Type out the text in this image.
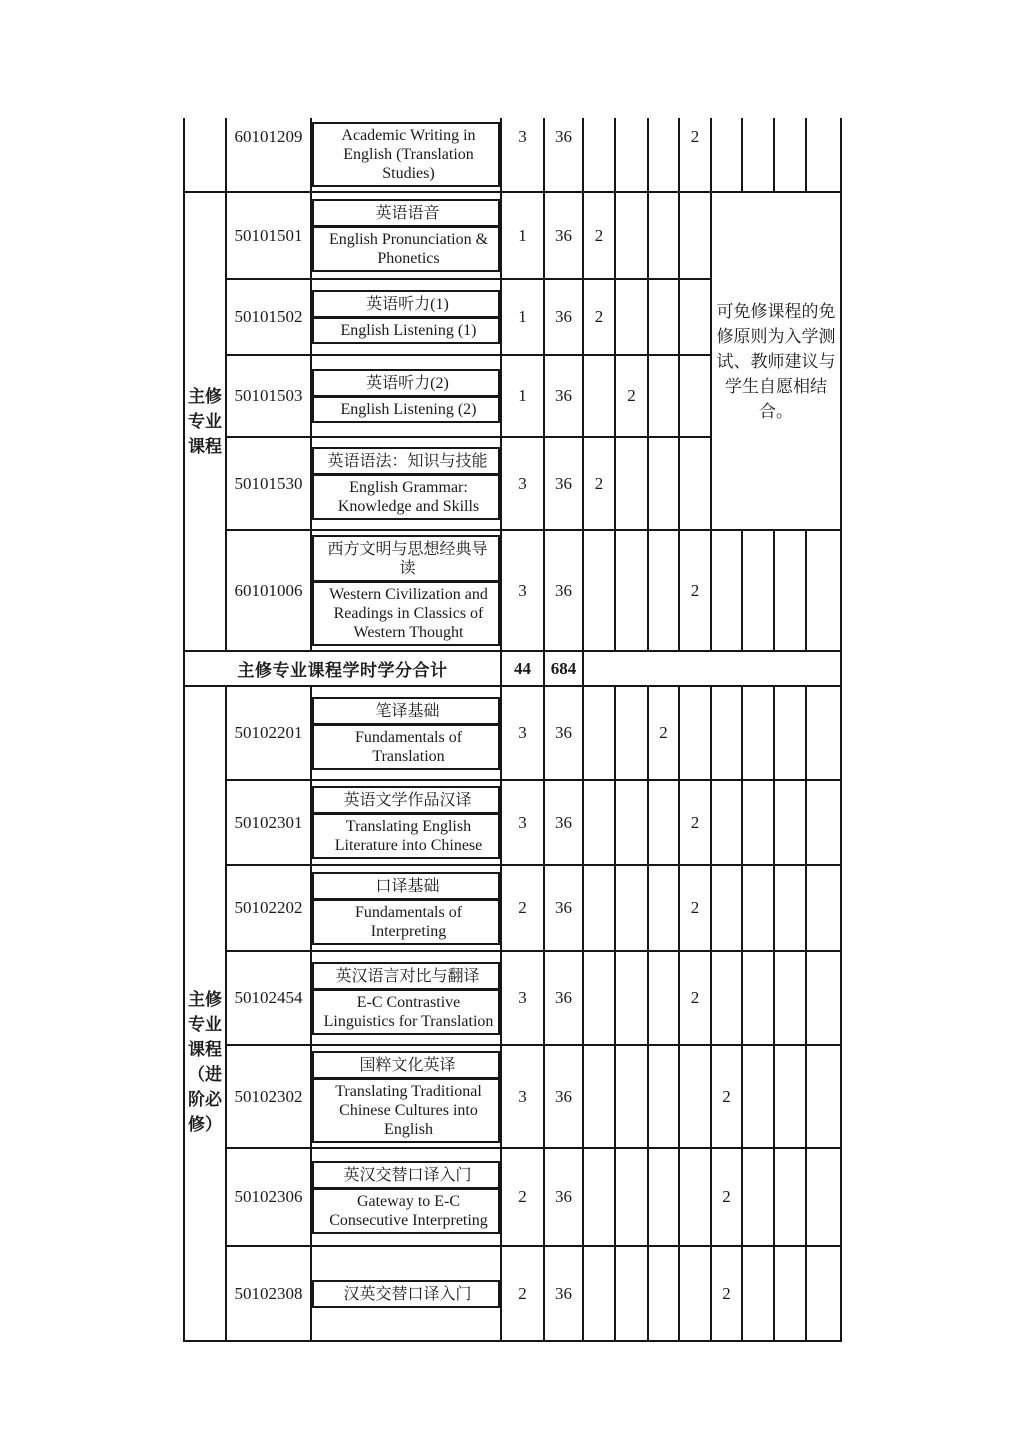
	60101209	Academic Writing in English (Translation Studies)	3	36				2				
主修专业课程	50101501	英语语音
English Pronunciation & Phonetics	1	36	2				可免修课程的免修原则为入学测试、教师建议与学生自愿相结合。			
	50101502	英语听力(1)
English Listening (1)	1	36	2							
	50101503	英语听力(2)
English Listening (2)	1	36		2						
	50101530	英语语法：知识与技能
English Grammar: Knowledge and Skills	3	36	2							
	60101006	西方文明与思想经典导读
Western Civilization and Readings in Classics of Western Thought	3	36				2				
主修专业课程学时学分合计			44	684								
主修专业课程（进阶必修）	50102201	笔译基础
Fundamentals of Translation	3	36			2					
	50102301	英语文学作品汉译
Translating English Literature into Chinese	3	36				2				
	50102202	口译基础
Fundamentals of Interpreting	2	36				2				
	50102454	英汉语言对比与翻译
E-C Contrastive Linguistics for Translation	3	36				2				
	50102302	国粹文化英译
Translating Traditional Chinese Cultures into English	3	36					2			
	50102306	英汉交替口译入门
Gateway to E-C Consecutive Interpreting	2	36					2			
	50102308	汉英交替口译入门	2	36					2			
